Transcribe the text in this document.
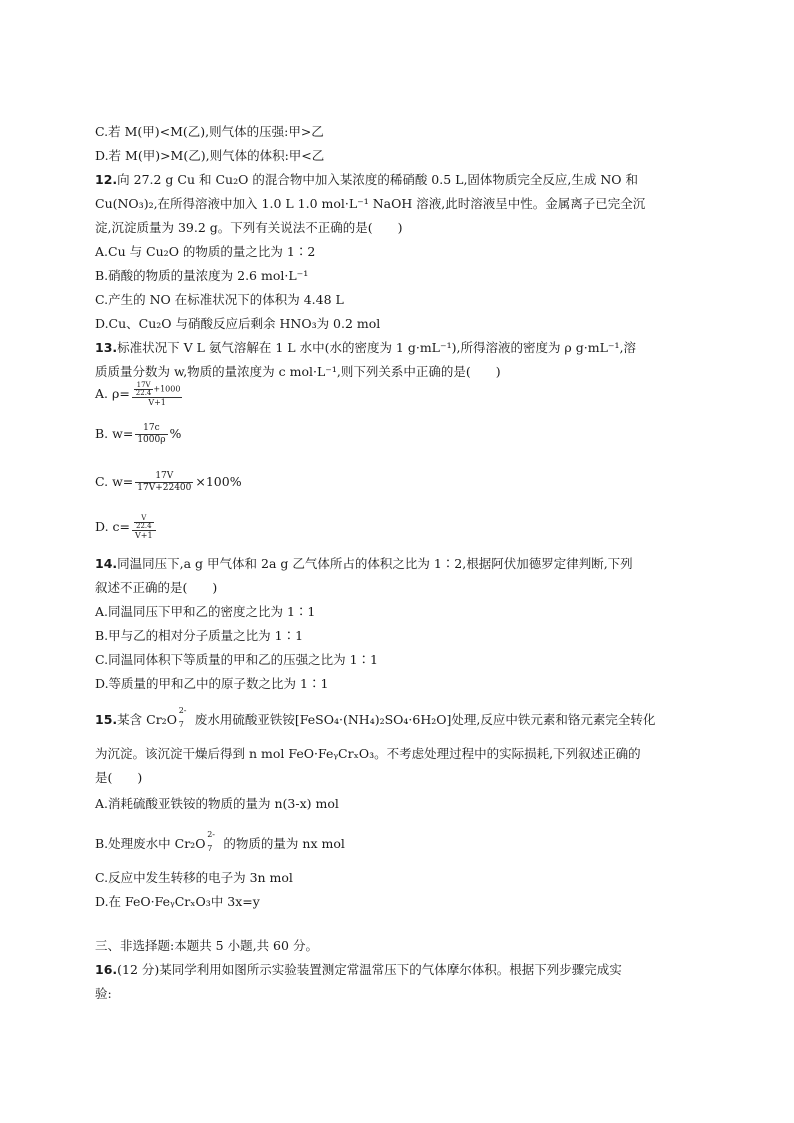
C.若 M(甲)<M(乙),则气体的压强:甲>乙
D.若 M(甲)>M(乙),则气体的体积:甲<乙
12.向 27.2 g Cu 和 Cu₂O 的混合物中加入某浓度的稀硝酸 0.5 L,固体物质完全反应,生成 NO 和
Cu(NO₃)₂,在所得溶液中加入 1.0 L 1.0 mol·L⁻¹ NaOH 溶液,此时溶液呈中性。金属离子已完全沉
淀,沉淀质量为 39.2 g。下列有关说法不正确的是(　　)
A.Cu 与 Cu₂O 的物质的量之比为 1∶2
B.硝酸的物质的量浓度为 2.6 mol·L⁻¹
C.产生的 NO 在标准状况下的体积为 4.48 L
D.Cu、Cu₂O 与硝酸反应后剩余 HNO₃为 0.2 mol
13.标准状况下 V L 氨气溶解在 1 L 水中(水的密度为 1 g·mL⁻¹),所得溶液的密度为 ρ g·mL⁻¹,溶
质质量分数为 w,物质的量浓度为 c mol·L⁻¹,则下列关系中正确的是(　　)
A. $\rho= \frac{\frac{17V}{22.4} +1000}{V+1}$
B. $w= \frac{17c}{1000\rho}$ %
C. $w= \frac{17V}{17V+22400} \times 100\%$
D. $c= \frac{\frac{V}{22.4}}{V+1}$
14.同温同压下,a g 甲气体和 2a g 乙气体所占的体积之比为 1∶2,根据阿伏加德罗定律判断,下列
叙述不正确的是(　　)
A.同温同压下甲和乙的密度之比为 1∶1
B.甲与乙的相对分子质量之比为 1∶1
C.同温同体积下等质量的甲和乙的压强之比为 1∶1
D.等质量的甲和乙中的原子数之比为 1∶1
15.某含 Cr₂O
2-
7 废水用硫酸亚铁铵[FeSO₄·(NH₄)₂SO₄·6H₂O]处理,反应中铁元素和铬元素完全转化
为沉淀。该沉淀干燥后得到 n mol FeO·FeᵧCrₓO₃。不考虑处理过程中的实际损耗,下列叙述正确的
是(　　)
A.消耗硫酸亚铁铵的物质的量为 n(3-x) mol
B.处理废水中 Cr₂O
2-
7 的物质的量为 nx mol
C.反应中发生转移的电子为 3n mol
D.在 FeO·FeᵧCrₓO₃中 3x=y
三、非选择题:本题共 5 小题,共 60 分。
16.(12 分)某同学利用如图所示实验装置测定常温常压下的气体摩尔体积。根据下列步骤完成实
验:
